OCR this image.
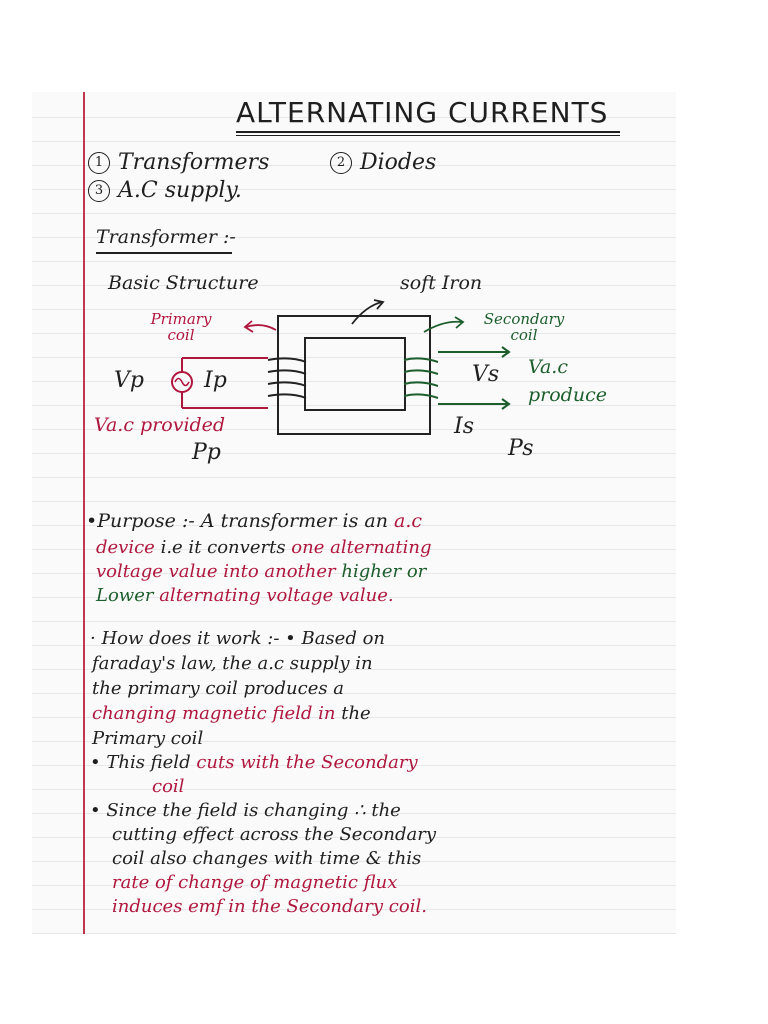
ALTERNATING CURRENTS
1 Transformers	2 Diodes
3 A.C supply.
Transformer :-
Basic Structure	soft Iron
Primary coil
Secondary coil
Vp	Ip	Vs Va.c
produce
Va.c provided	Is
Pp	Ps
•Purpose :- A transformer is an a.c
device i.e it converts one alternating
voltage value into another higher or
Lower alternating voltage value.
· How does it work :- • Based on
faraday's law, the a.c supply in
the primary coil produces a
changing magnetic field in the
Primary coil
• This field cuts with the Secondary
coil
• Since the field is changing ∴ the
cutting effect across the Secondary
coil also changes with time & this
rate of change of magnetic flux
induces emf in the Secondary coil.
